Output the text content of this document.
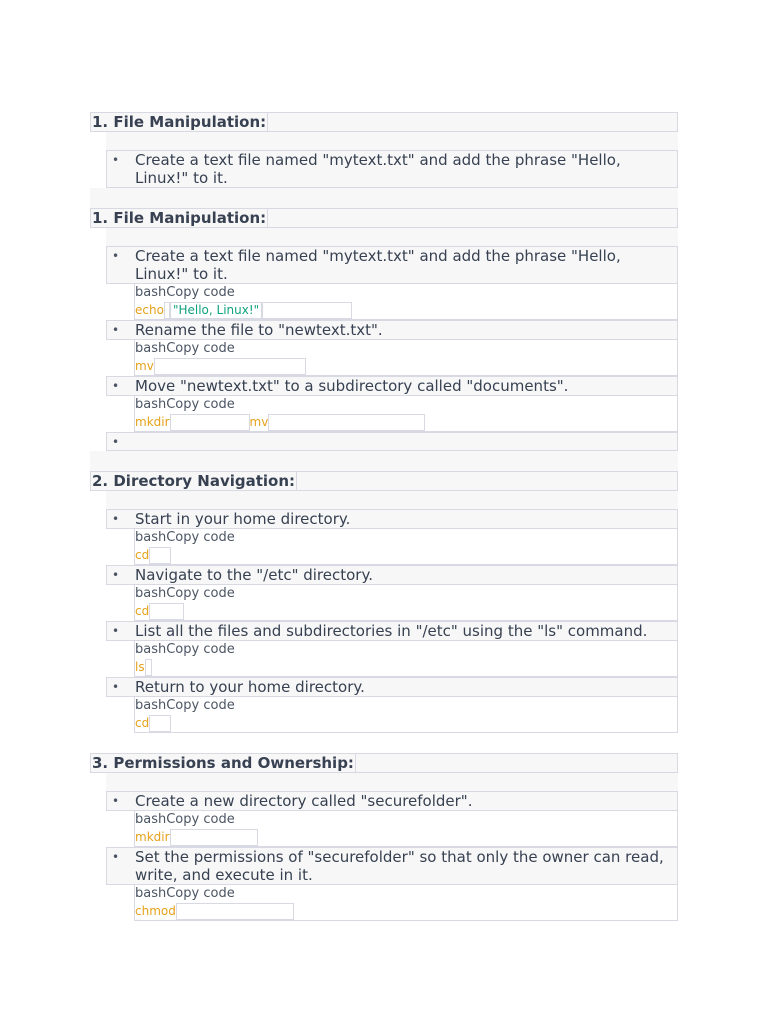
1. File Manipulation:
• Create a text file named "mytext.txt" and add the phrase "Hello, Linux!" to it.
1. File Manipulation:
• Create a text file named "mytext.txt" and add the phrase "Hello, Linux!" to it.
bashCopy code
echo "Hello, Linux!"
• Rename the file to "newtext.txt".
bashCopy code
mv
• Move "newtext.txt" to a subdirectory called "documents".
bashCopy code
mkdir	mv
•
2. Directory Navigation:
• Start in your home directory.
bashCopy code
cd
• Navigate to the "/etc" directory.
bashCopy code
cd
• List all the files and subdirectories in "/etc" using the "ls" command.
bashCopy code
ls
• Return to your home directory.
bashCopy code
cd
3. Permissions and Ownership:
• Create a new directory called "securefolder".
bashCopy code
mkdir
• Set the permissions of "securefolder" so that only the owner can read, write, and execute in it.
bashCopy code
chmod
